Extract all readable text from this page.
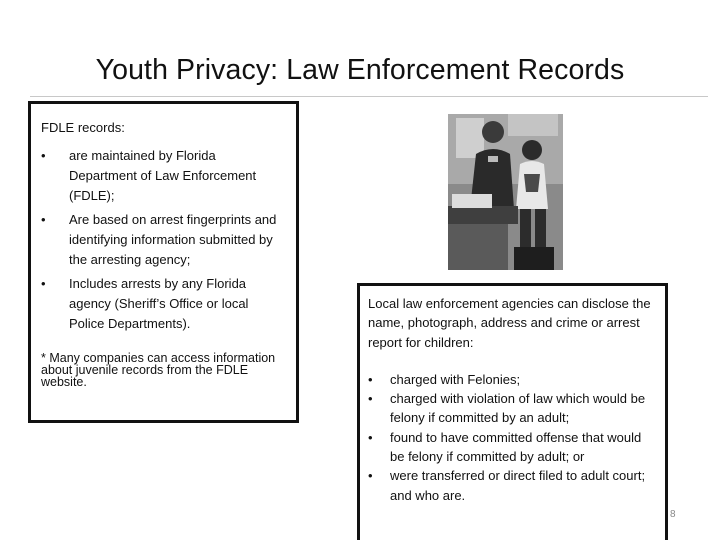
Youth Privacy: Law Enforcement Records
FDLE records:
• are maintained by Florida Department of Law Enforcement (FDLE);
• Are based on arrest fingerprints and identifying information submitted by the arresting agency;
• Includes arrests by any Florida agency (Sheriff’s Office or local Police Departments).
* Many companies can access information about juvenile records from the FDLE website.
Local law enforcement agencies can disclose the name, photograph, address and crime or arrest report for children:
• charged with Felonies;
• charged with violation of law which would be felony if committed by an adult;
• found to have committed offense that would be felony if committed by adult; or
• were transferred or direct filed to adult court; and who are.
8
